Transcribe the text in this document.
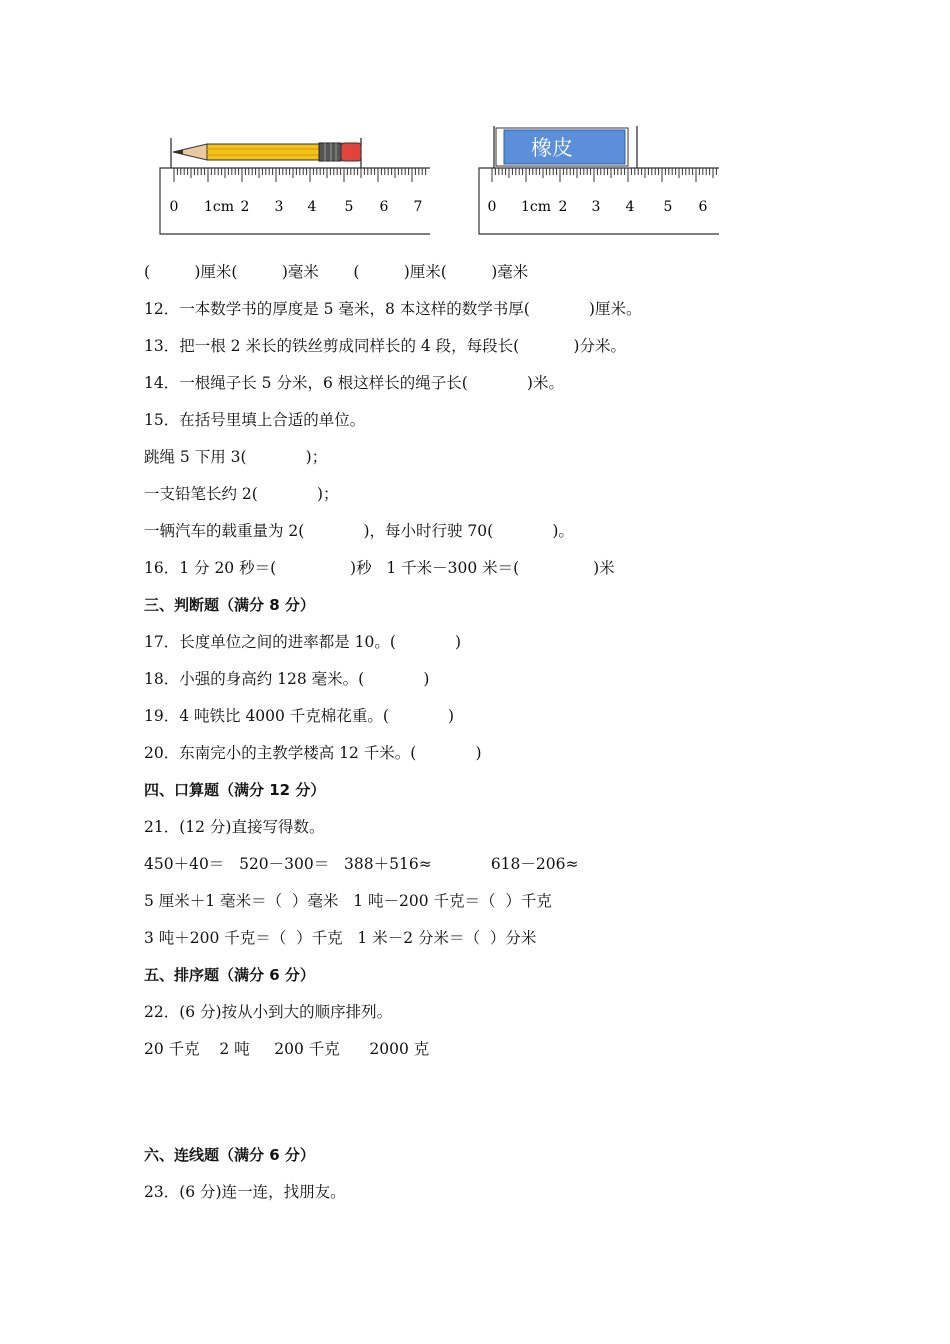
0 1cm 2 3 4 5 6 7
橡皮
0 1cm 2 3 4 5 6
(         )厘米(         )毫米       (         )厘米(         )毫米
12．一本数学书的厚度是 5 毫米，8 本这样的数学书厚(            )厘米。
13．把一根 2 米长的铁丝剪成同样长的 4 段，每段长(           )分米。
14．一根绳子长 5 分米，6 根这样长的绳子长(            )米。
15．在括号里填上合适的单位。
跳绳 5 下用 3(            )；
一支铅笔长约 2(            )；
一辆汽车的载重量为 2(            )，每小时行驶 70(            )。
16．1 分 20 秒＝(               )秒   1 千米－300 米＝(               )米
三、判断题（满分 8 分）
17．长度单位之间的进率都是 10。(            )
18．小强的身高约 128 毫米。(            )
19．4 吨铁比 4000 千克棉花重。(            )
20．东南完小的主教学楼高 12 千米。(            )
四、口算题（满分 12 分）
21．(12 分)直接写得数。
450＋40＝   520－300＝   388＋516≈            618－206≈
5 厘米＋1 毫米＝（  ）毫米   1 吨－200 千克＝（  ）千克
3 吨＋200 千克＝（  ）千克   1 米－2 分米＝（  ）分米
五、排序题（满分 6 分）
22．(6 分)按从小到大的顺序排列。
20 千克    2 吨     200 千克      2000 克
六、连线题（满分 6 分）
23．(6 分)连一连，找朋友。
